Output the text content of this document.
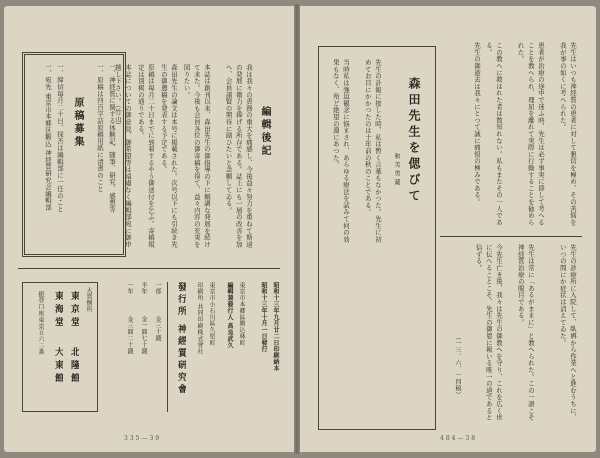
編輯後記
我は我々の責務の重大を痛感し、今後益々努力を重ねて斯道の発展に微力を捧げる所存である。誌上にも一層の改善を加へ、会員諸賢の期待に副ひたいと念願してゐる。
本誌は創刊以来、森田先生の御指導の下に順調な発展を続けて来た。今後も会員各位の御寄稿を得て、益々内容の充実を図りたい。
森田先生の論文は本号に掲載された。次号以下にも引続き先生の御遺稿を発表する予定である。
原稿は毎月二十日までに到着するやう御送付を乞ふ。寄稿規定は別掲の通りである。
本誌についての御意見、御希望等は遠慮なく編輯部宛に御申越し下さい。（竹山）
原稿募集	一、神経質に関する体験記、随筆、研究、感想等
一、原稿は四百字詰原稿用紙に清書のこと
一、締切毎月二十日、採否は編輯部に一任のこと
一、宛先 東京市本郷区駒込 神経質研究会編輯部
昭和十三年九月廿二日印刷納本
昭和十三年十月一日發行
東京市本郷區駒込林町
編輯兼發行人 髙良武久
東京市小石川區久堅町
印刷所 共同印刷株式會社
發行所 神經質研究會
一部
金三十錢
半年
金一圓七十錢
一年
金三圓二十錢
大賣捌所
東京堂
東海堂
北隆館
大東館
振替口座東京五六二番
335—39
先生はいつも神経質の患者に対して懇切を極め、その苦悩を我が事の如くに考へられた。
患者が治療の途中で迷ふ時、先生は必ず事実に即して考へることを教へられ、理屈を離れて実際に行動することを勧められた。
この教へに救はれた者は数知れない。私もまたその一人である。
先生の御逝去は我々にとつて誠に痛恨の極みである。
森田先生を偲びて
和 美 勇 蔵
先生の訃報に接した時、私は暫く言葉もなかつた。先生に初めてお目にかかつたのは十年前の秋のことである。
当時私は強迫観念に悩まされ、あらゆる療法を試みて何の効果もなく、殆ど絶望の淵にあつた。
先生の診療所に入院して、臥褥から作業へと進むうちに、いつの間にか症状は消えてゐた。
先生は常に「あるがままに」と教へられた。この一語こそ神経質治療の眼目である。
今先生亡き後、我々は先生の御教へを守り、これを広く世に伝へることこそ、先生の御恩に報いる唯一の道であると信ずる。
（一三、六、一四稿）
484—38
